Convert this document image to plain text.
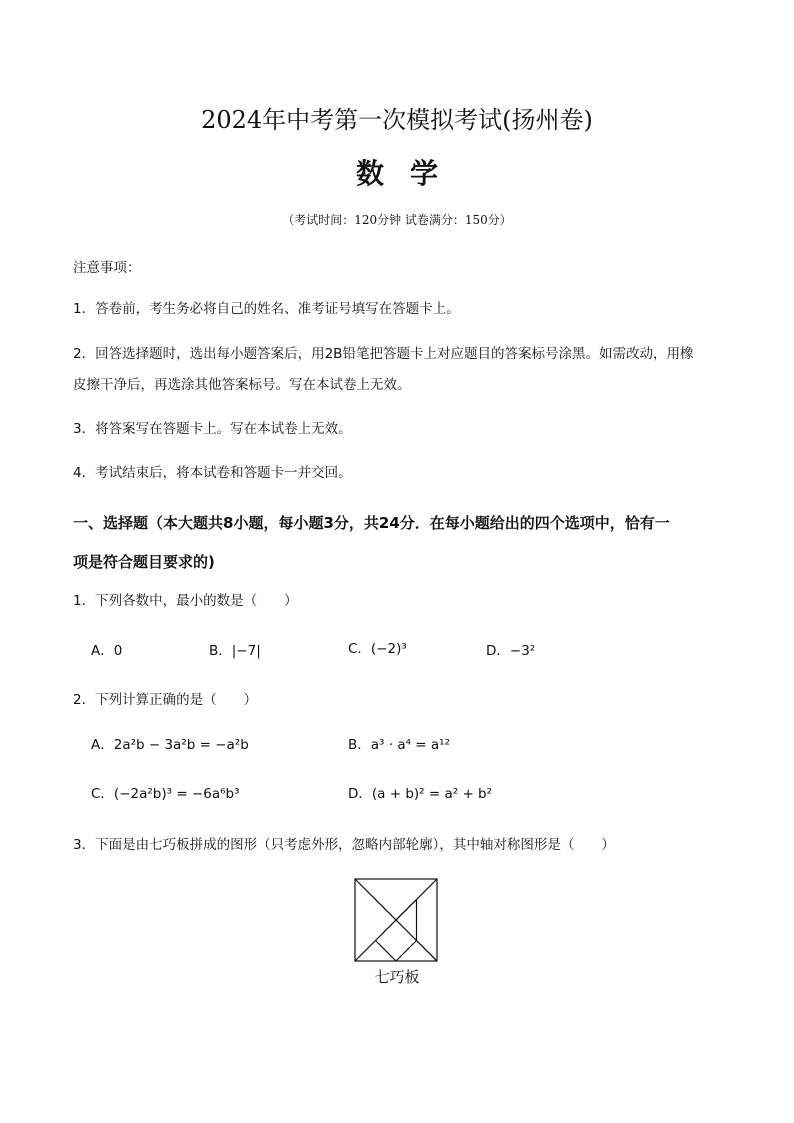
2024年中考第一次模拟考试(扬州卷)
数学
（考试时间：120分钟 试卷满分：150分）
注意事项：
1．答卷前，考生务必将自己的姓名、准考证号填写在答题卡上。
2．回答选择题时，选出每小题答案后，用2B铅笔把答题卡上对应题目的答案标号涂黑。如需改动，用橡
皮擦干净后，再选涂其他答案标号。写在本试卷上无效。
3．将答案写在答题卡上。写在本试卷上无效。
4．考试结束后，将本试卷和答题卡一并交回。
一、选择题（本大题共8小题，每小题3分，共24分．在每小题给出的四个选项中，恰有一
项是符合题目要求的)
1．下列各数中，最小的数是（　　）
A．0	B．|−7|	C．(−2)³	D．−3²
2．下列计算正确的是（　　）
A．2a²b − 3a²b = −a²b	B．a³ · a⁴ = a¹²
C．(−2a²b)³ = −6a⁶b³	D．(a + b)² = a² + b²
3．下面是由七巧板拼成的图形（只考虑外形，忽略内部轮廓），其中轴对称图形是（　　）
七巧板
